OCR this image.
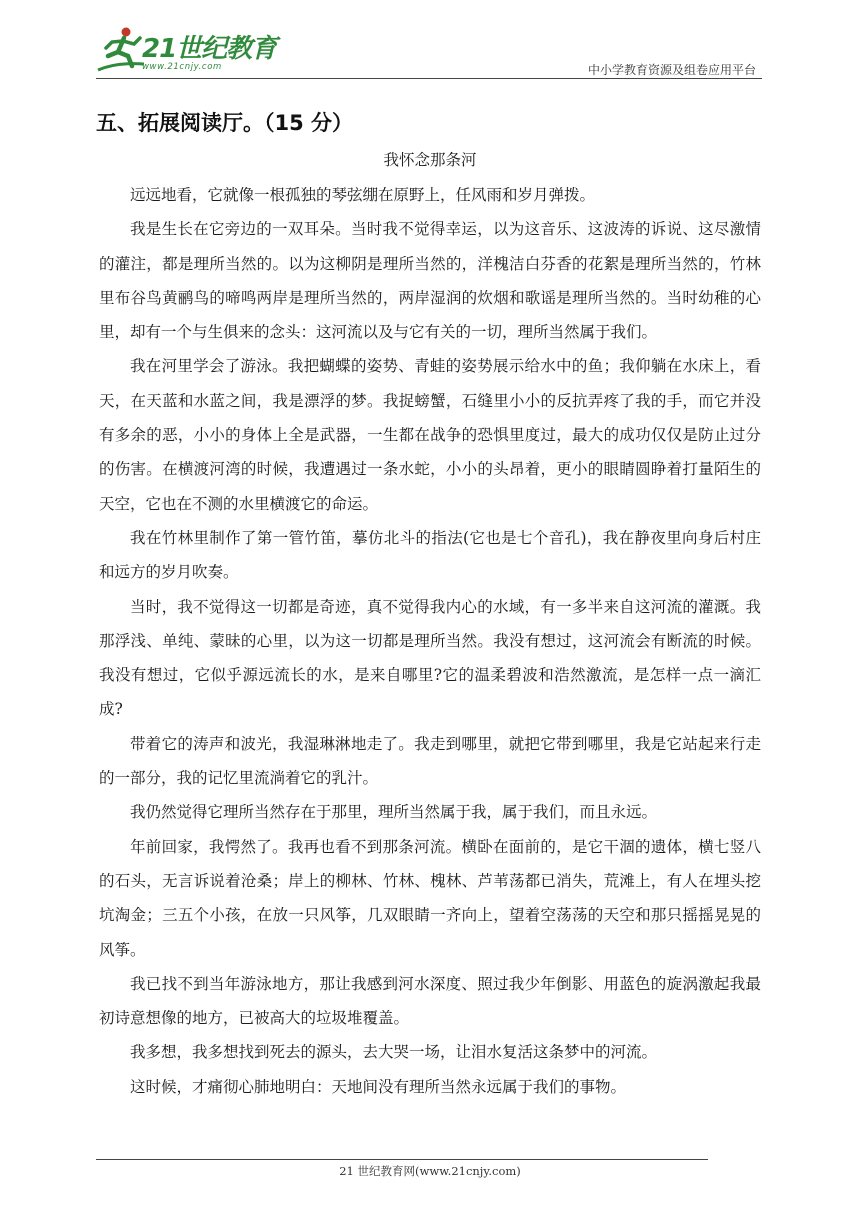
21世纪教育
www.21cnjy.com	中小学教育资源及组卷应用平台
五、拓展阅读厅。（15 分）
我怀念那条河

远远地看，它就像一根孤独的琴弦绷在原野上，任风雨和岁月弹拨。

我是生长在它旁边的一双耳朵。当时我不觉得幸运，以为这音乐、这波涛的诉说、这尽激情的灌注，都是理所当然的。以为这柳阴是理所当然的，洋槐洁白芬香的花絮是理所当然的，竹林里布谷鸟黄鹂鸟的啼鸣两岸是理所当然的，两岸湿润的炊烟和歌谣是理所当然的。当时幼稚的心里，却有一个与生俱来的念头：这河流以及与它有关的一切，理所当然属于我们。

我在河里学会了游泳。我把蝴蝶的姿势、青蛙的姿势展示给水中的鱼；我仰躺在水床上，看天，在天蓝和水蓝之间，我是漂浮的梦。我捉螃蟹，石缝里小小的反抗弄疼了我的手，而它并没有多余的恶，小小的身体上全是武器，一生都在战争的恐惧里度过，最大的成功仅仅是防止过分的伤害。在横渡河湾的时候，我遭遇过一条水蛇，小小的头昂着，更小的眼睛圆睁着打量陌生的天空，它也在不测的水里横渡它的命运。

我在竹林里制作了第一管竹笛，摹仿北斗的指法(它也是七个音孔)，我在静夜里向身后村庄和远方的岁月吹奏。

当时，我不觉得这一切都是奇迹，真不觉得我内心的水域，有一多半来自这河流的灌溉。我那浮浅、单纯、蒙昧的心里，以为这一切都是理所当然。我没有想过，这河流会有断流的时候。我没有想过，它似乎源远流长的水，是来自哪里?它的温柔碧波和浩然激流，是怎样一点一滴汇成?

带着它的涛声和波光，我湿琳淋地走了。我走到哪里，就把它带到哪里，我是它站起来行走的一部分，我的记忆里流淌着它的乳汁。

我仍然觉得它理所当然存在于那里，理所当然属于我，属于我们，而且永远。

年前回家，我愕然了。我再也看不到那条河流。横卧在面前的，是它干涸的遗体，横七竖八的石头，无言诉说着沧桑；岸上的柳林、竹林、槐林、芦苇荡都已消失，荒滩上，有人在埋头挖坑淘金；三五个小孩，在放一只风筝，几双眼睛一齐向上，望着空荡荡的天空和那只摇摇晃晃的风筝。

我已找不到当年游泳地方，那让我感到河水深度、照过我少年倒影、用蓝色的旋涡激起我最初诗意想像的地方，已被高大的垃圾堆覆盖。

我多想，我多想找到死去的源头，去大哭一场，让泪水复活这条梦中的河流。

这时候，才痛彻心肺地明白：天地间没有理所当然永远属于我们的事物。

21 世纪教育网(www.21cnjy.com)
